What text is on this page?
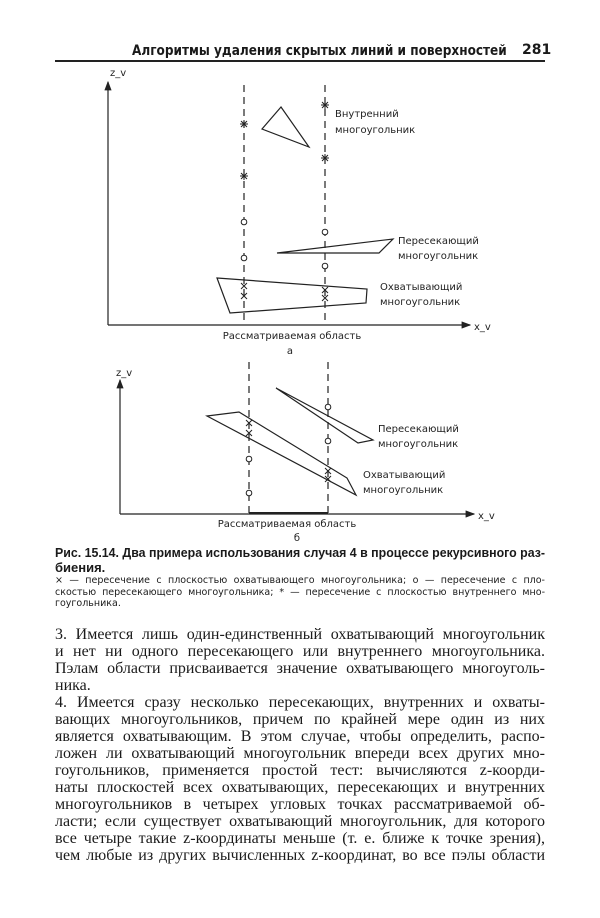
Алгоритмы удаления скрытых линий и поверхностей 281
z_v
x_v
Внутренний
многоугольник
Пересекающий
многоугольник
Охватывающий
многоугольник
Рассматриваемая область
а
z_v
x_v
Пересекающий
многоугольник
Охватывающий
многоугольник
Рассматриваемая область
б
Рис. 15.14. Два примера использования случая 4 в процессе рекурсивного раз-
биения.
× — пересечение с плоскостью охватывающего многоугольника; о — пересечение с пло-
скостью пересекающего многоугольника; * — пересечение с плоскостью внутреннего мно-
гоугольника.
3. Имеется лишь один-единственный охватывающий многоугольник
и нет ни одного пересекающего или внутреннего многоугольника.
Пэлам области присваивается значение охватывающего многоуголь-
ника.
4. Имеется сразу несколько пересекающих, внутренних и охваты-
вающих многоугольников, причем по крайней мере один из них
является охватывающим. В этом случае, чтобы определить, распо-
ложен ли охватывающий многоугольник впереди всех других мно-
гоугольников, применяется простой тест: вычисляются z-коорди-
наты плоскостей всех охватывающих, пересекающих и внутренних
многоугольников в четырех угловых точках рассматриваемой об-
ласти; если существует охватывающий многоугольник, для которого
все четыре такие z-координаты меньше (т. е. ближе к точке зрения),
чем любые из других вычисленных z-координат, во все пэлы области
